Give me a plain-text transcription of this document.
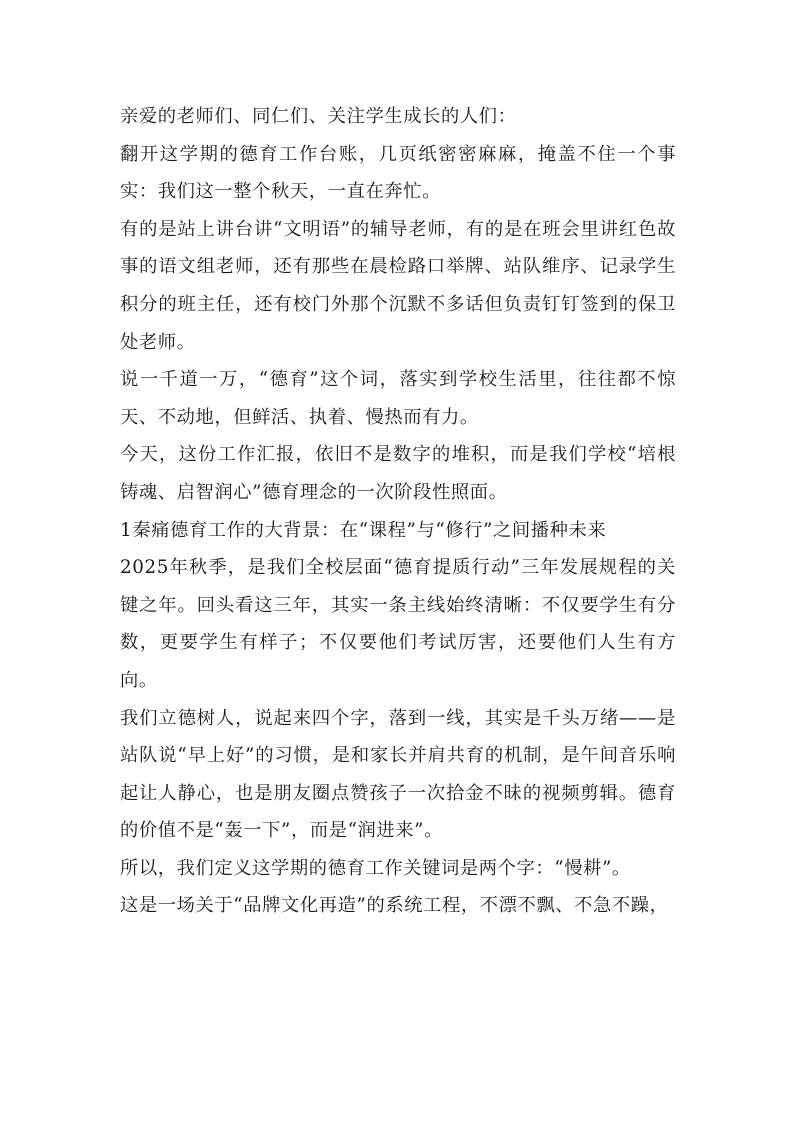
亲爱的老师们、同仁们、关注学生成长的人们：

翻开这学期的德育工作台账，几页纸密密麻麻，掩盖不住一个事实：我们这一整个秋天，一直在奔忙。

有的是站上讲台讲“文明语”的辅导老师，有的是在班会里讲红色故事的语文组老师，还有那些在晨检路口举牌、站队维序、记录学生积分的班主任，还有校门外那个沉默不多话但负责钉钉签到的保卫处老师。

说一千道一万，“德育”这个词，落实到学校生活里，往往都不惊天、不动地，但鲜活、执着、慢热而有力。

今天，这份工作汇报，依旧不是数字的堆积，而是我们学校“培根铸魂、启智润心”德育理念的一次阶段性照面。

1秦痛德育工作的大背景：在“课程”与“修行”之间播种未来

2025年秋季，是我们全校层面“德育提质行动”三年发展规程的关键之年。回头看这三年，其实一条主线始终清晰：不仅要学生有分数，更要学生有样子；不仅要他们考试厉害，还要他们人生有方向。

我们立德树人，说起来四个字，落到一线，其实是千头万绪——是站队说“早上好”的习惯，是和家长并肩共育的机制，是午间音乐响起让人静心，也是朋友圈点赞孩子一次拾金不昧的视频剪辑。德育的价值不是“轰一下”，而是“润进来”。

所以，我们定义这学期的德育工作关键词是两个字：“慢耕”。

这是一场关于“品牌文化再造”的系统工程，不漂不飘、不急不躁，
